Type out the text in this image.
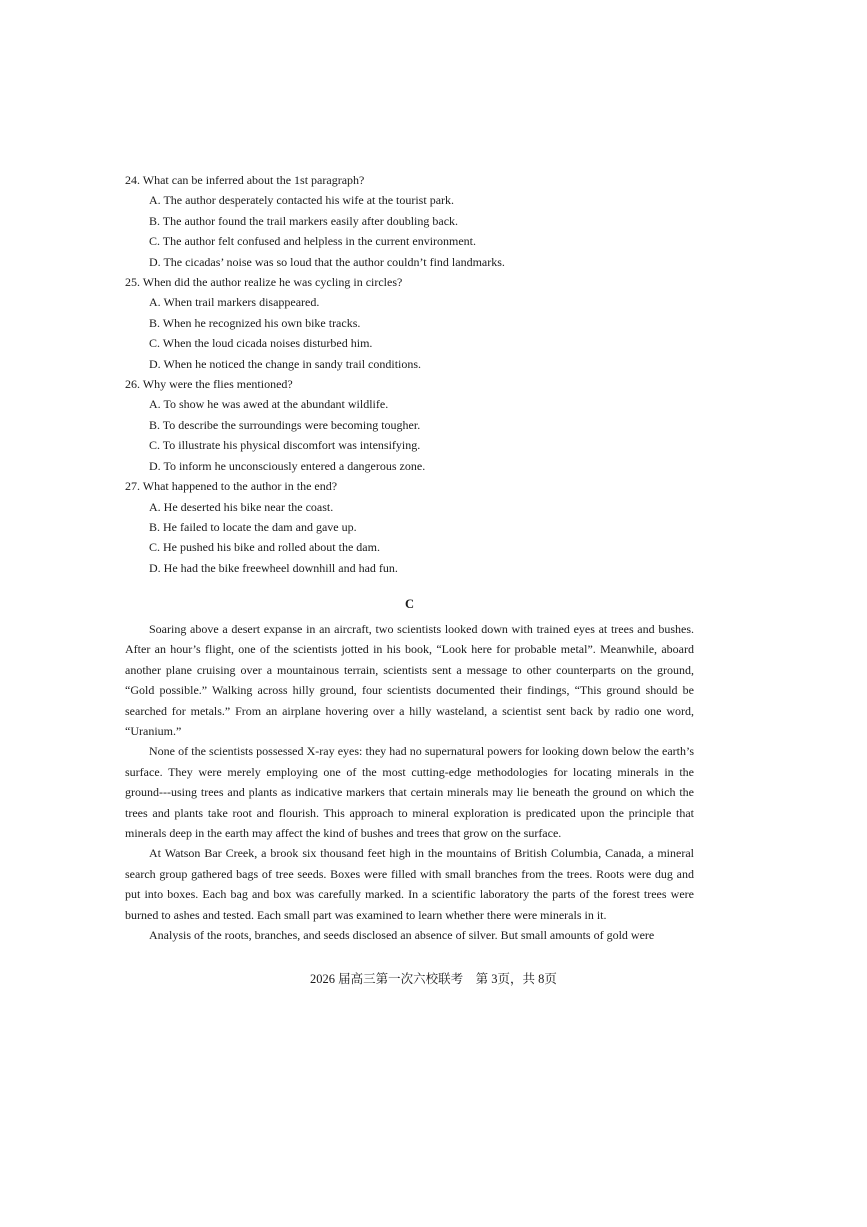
24. What can be inferred about the 1st paragraph?

A. The author desperately contacted his wife at the tourist park.

B. The author found the trail markers easily after doubling back.

C. The author felt confused and helpless in the current environment.

D. The cicadas’ noise was so loud that the author couldn’t find landmarks.

25. When did the author realize he was cycling in circles?

A. When trail markers disappeared.

B. When he recognized his own bike tracks.

C. When the loud cicada noises disturbed him.

D. When he noticed the change in sandy trail conditions.

26. Why were the flies mentioned?

A. To show he was awed at the abundant wildlife.

B. To describe the surroundings were becoming tougher.

C. To illustrate his physical discomfort was intensifying.

D. To inform he unconsciously entered a dangerous zone.

27. What happened to the author in the end?

A. He deserted his bike near the coast.

B. He failed to locate the dam and gave up.

C. He pushed his bike and rolled about the dam.

D. He had the bike freewheel downhill and had fun.

C

Soaring above a desert expanse in an aircraft, two scientists looked down with trained eyes at trees and bushes. After an hour’s flight, one of the scientists jotted in his book, “Look here for probable metal”. Meanwhile, aboard another plane cruising over a mountainous terrain, scientists sent a message to other counterparts on the ground, “Gold possible.” Walking across hilly ground, four scientists documented their findings, “This ground should be searched for metals.” From an airplane hovering over a hilly wasteland, a scientist sent back by radio one word, “Uranium.”

None of the scientists possessed X-ray eyes: they had no supernatural powers for looking down below the earth’s surface. They were merely employing one of the most cutting-edge methodologies for locating minerals in the ground---using trees and plants as indicative markers that certain minerals may lie beneath the ground on which the trees and plants take root and flourish. This approach to mineral exploration is predicated upon the principle that minerals deep in the earth may affect the kind of bushes and trees that grow on the surface.

At Watson Bar Creek, a brook six thousand feet high in the mountains of British Columbia, Canada, a mineral search group gathered bags of tree seeds. Boxes were filled with small branches from the trees. Roots were dug and put into boxes. Each bag and box was carefully marked. In a scientific laboratory the parts of the forest trees were burned to ashes and tested. Each small part was examined to learn whether there were minerals in it.

Analysis of the roots, branches, and seeds disclosed an absence of silver. But small amounts of gold were

2026 届高三第一次六校联考　第 3页，共 8页
